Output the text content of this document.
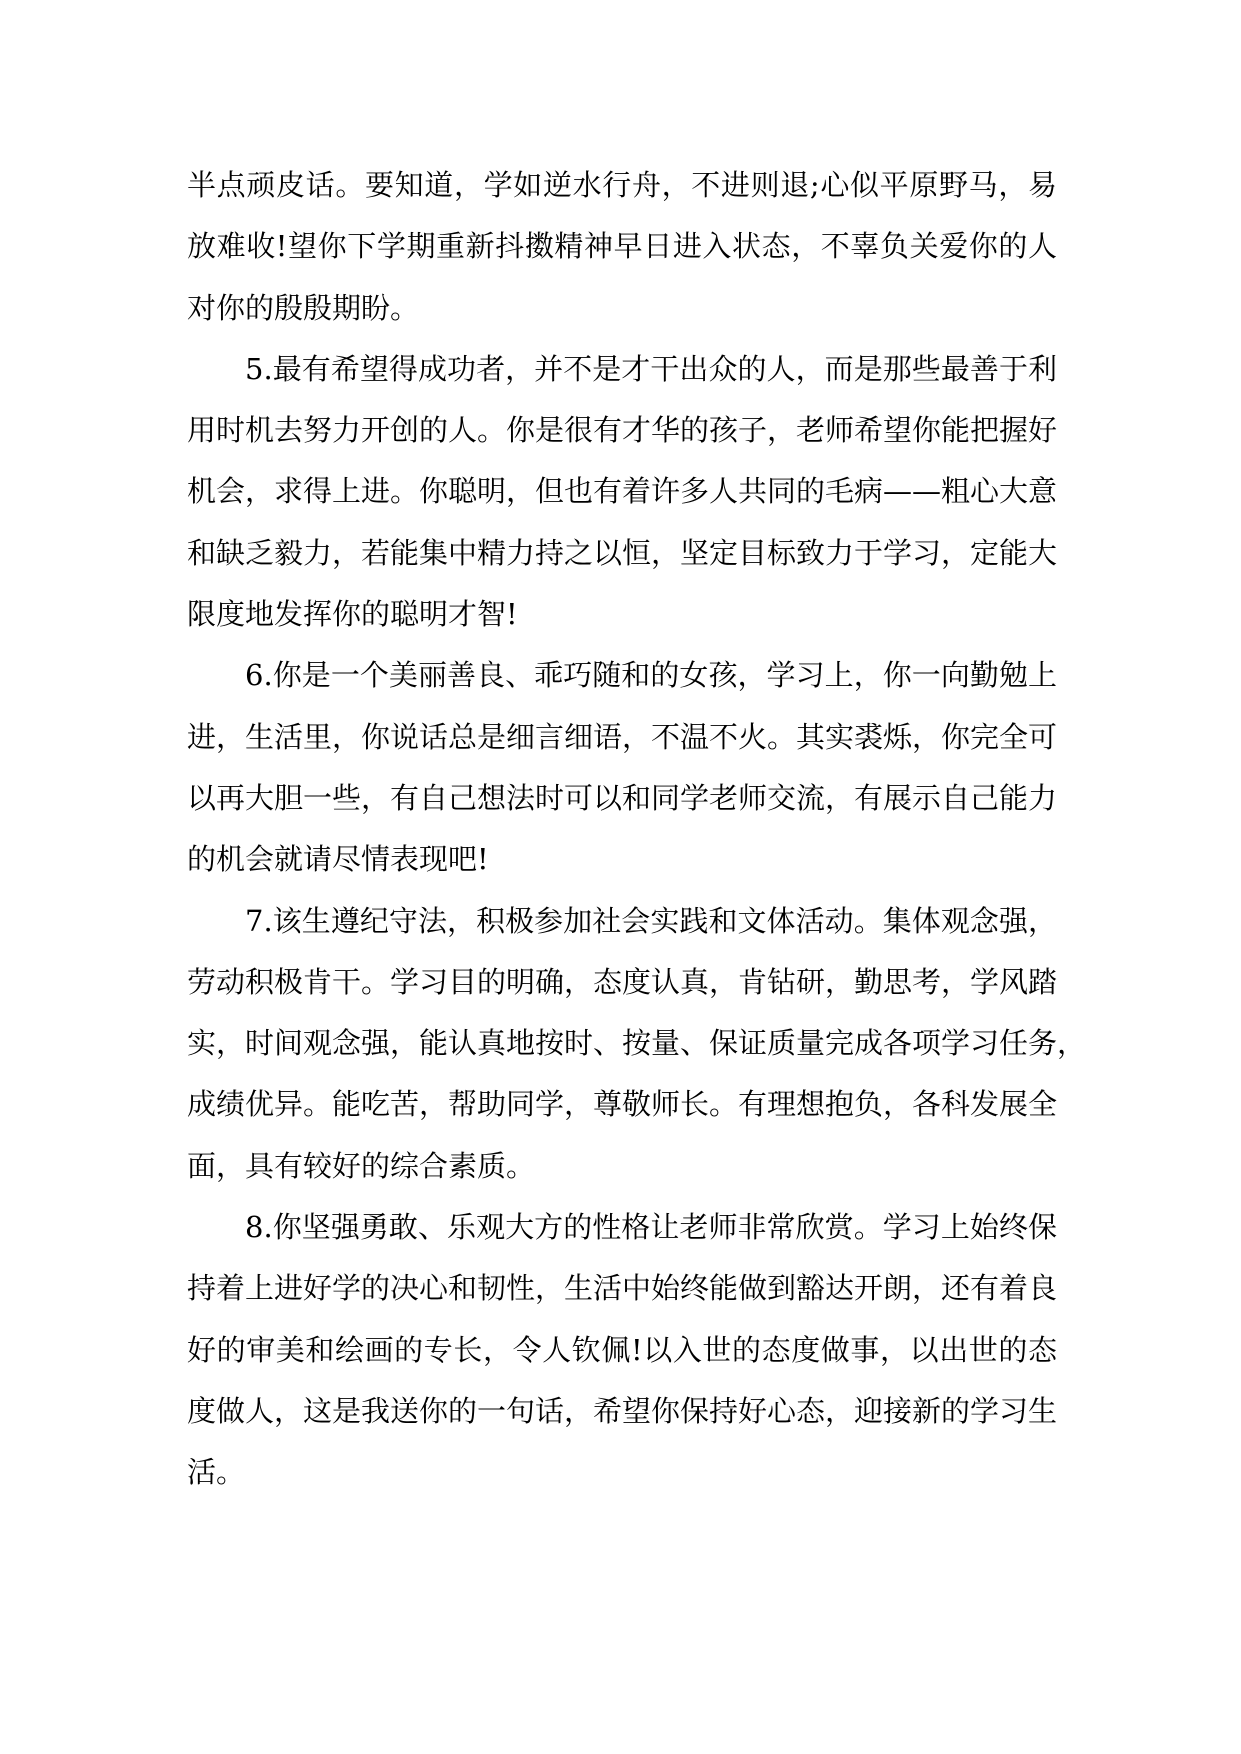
半点顽皮话。要知道，学如逆水行舟，不进则退;心似平原野马，易
放难收!望你下学期重新抖擞精神早日进入状态，不辜负关爱你的人
对你的殷殷期盼。
5.最有希望得成功者，并不是才干出众的人，而是那些最善于利
用时机去努力开创的人。你是很有才华的孩子，老师希望你能把握好
机会，求得上进。你聪明，但也有着许多人共同的毛病——粗心大意
和缺乏毅力，若能集中精力持之以恒，坚定目标致力于学习，定能大
限度地发挥你的聪明才智!
6.你是一个美丽善良、乖巧随和的女孩，学习上，你一向勤勉上
进，生活里，你说话总是细言细语，不温不火。其实裘烁，你完全可
以再大胆一些，有自己想法时可以和同学老师交流，有展示自己能力
的机会就请尽情表现吧!
7.该生遵纪守法，积极参加社会实践和文体活动。集体观念强，
劳动积极肯干。学习目的明确，态度认真，肯钻研，勤思考，学风踏
实，时间观念强，能认真地按时、按量、保证质量完成各项学习任务，
成绩优异。能吃苦，帮助同学，尊敬师长。有理想抱负，各科发展全
面，具有较好的综合素质。
8.你坚强勇敢、乐观大方的性格让老师非常欣赏。学习上始终保
持着上进好学的决心和韧性，生活中始终能做到豁达开朗，还有着良
好的审美和绘画的专长，令人钦佩!以入世的态度做事，以出世的态
度做人，这是我送你的一句话，希望你保持好心态，迎接新的学习生
活。
